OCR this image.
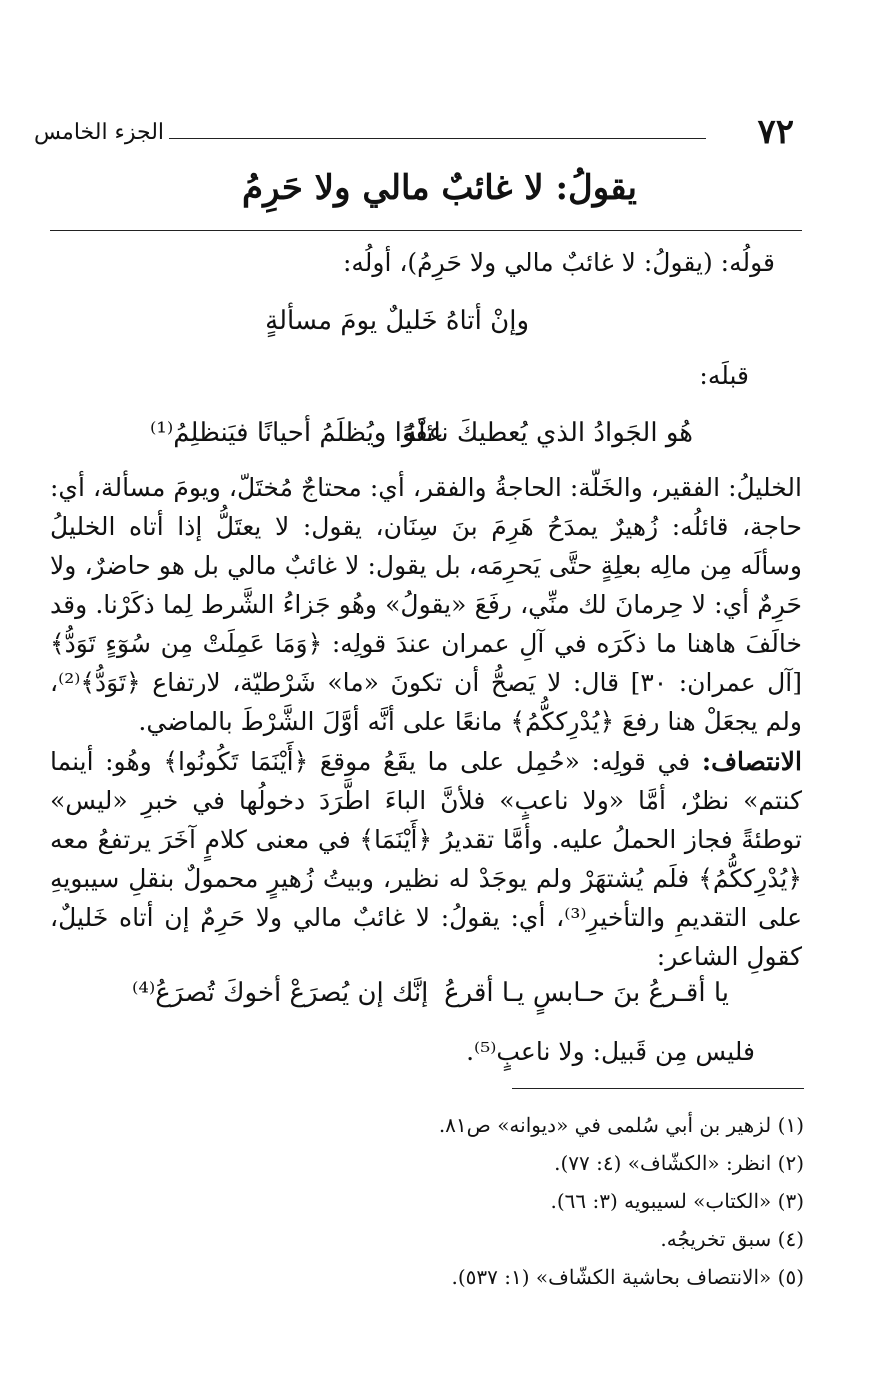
٧٢
الجزء الخامس
يقولُ: لا غائبٌ مالي ولا حَرِمُ
قولُه: (يقولُ: لا غائبٌ مالي ولا حَرِمُ)، أولُه:
وإنْ أتاهُ خَليلٌ يومَ مسألةٍ
قبلَه:
هُو الجَوادُ الذي يُعطيكَ نائلَهُ
عفْوًا ويُظلَمُ أحيانًا فيَنظلِمُ⁽¹⁾
الخليلُ: الفقير، والخَلّة: الحاجةُ والفقر، أي: محتاجٌ مُختَلّ، ويومَ مسألة، أي: حاجة، قائلُه: زُهيرٌ يمدَحُ هَرِمَ بنَ سِنَان، يقول: لا يعتَلُّ إذا أتاه الخليلُ وسألَه مِن مالِه بعلِةٍ حتَّى يَحرِمَه، بل يقول: لا غائبٌ مالي بل هو حاضرٌ، ولا حَرِمٌ أي: لا حِرمانَ لك منِّي، رفَعَ «يقولُ» وهُو جَزاءُ الشَّرط لِما ذكَرْنا. وقد خالَفَ هاهنا ما ذكَرَه في آلِ عمران عندَ قولِه: ﴿وَمَا عَمِلَتْ مِن سُوٓءٍ تَوَدُّ﴾ [آل عمران: ٣٠] قال: لا يَصحُّ أن تكونَ «ما» شَرْطيّة، لارتفاع ﴿تَوَدُّ﴾⁽²⁾، ولم يجعَلْ هنا رفعَ ﴿يُدْرِككُّمُ﴾ مانعًا على أنَّه أوَّلَ الشَّرْطَ بالماضي.
الانتصاف: في قولِه: «حُمِل على ما يقَعُ موقعَ ﴿أَيْنَمَا تَكُونُوا﴾ وهُو: أينما كنتم» نظرٌ، أمَّا «ولا ناعبٍ» فلأنَّ الباءَ اطَّرَدَ دخولُها في خبرِ «ليس» توطئةً فجاز الحملُ عليه. وأمَّا تقديرُ ﴿أَيْنَمَا﴾ في معنى كلامٍ آخَرَ يرتفعُ معه ﴿يُدْرِككُّمُ﴾ فلَم يُشتهَرْ ولم يوجَدْ له نظير، وبيتُ زُهيرٍ محمولٌ بنقلِ سيبويهِ على التقديمِ والتأخيرِ⁽³⁾، أي: يقولُ: لا غائبٌ مالي ولا حَرِمٌ إن أتاه خَليلٌ، كقولِ الشاعر:
يا أقـرعُ بنَ حـابسٍ يـا أقرعُ
إنَّك إن يُصرَعْ أخوكَ تُصرَعُ⁽⁴⁾
فليس مِن قَبيل: ولا ناعبٍ⁽⁵⁾.
(١) لزهير بن أبي سُلمى في «ديوانه» ص٨١.
(٢) انظر: «الكشّاف» (٤: ٧٧).
(٣) «الكتاب» لسيبويه (٣: ٦٦).
(٤) سبق تخريجُه.
(٥) «الانتصاف بحاشية الكشّاف» (١: ٥٣٧).
